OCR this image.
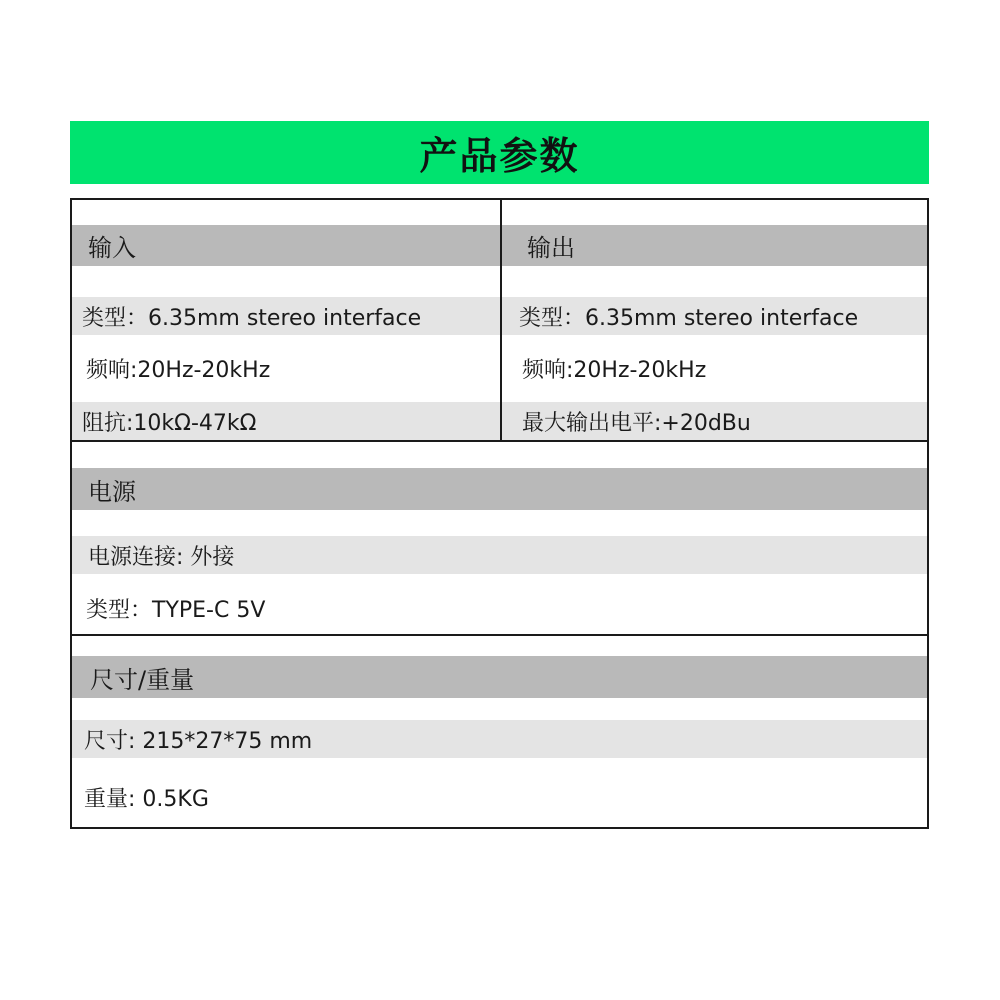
产品参数
输入
类型：6.35mm stereo interface
频响:20Hz-20kHz
阻抗:10kΩ-47kΩ
输出
类型：6.35mm stereo interface
频响:20Hz-20kHz
最大输出电平:+20dBu
电源
电源连接: 外接
类型：TYPE-C 5V
尺寸/重量
尺寸: 215*27*75 mm
重量: 0.5KG
